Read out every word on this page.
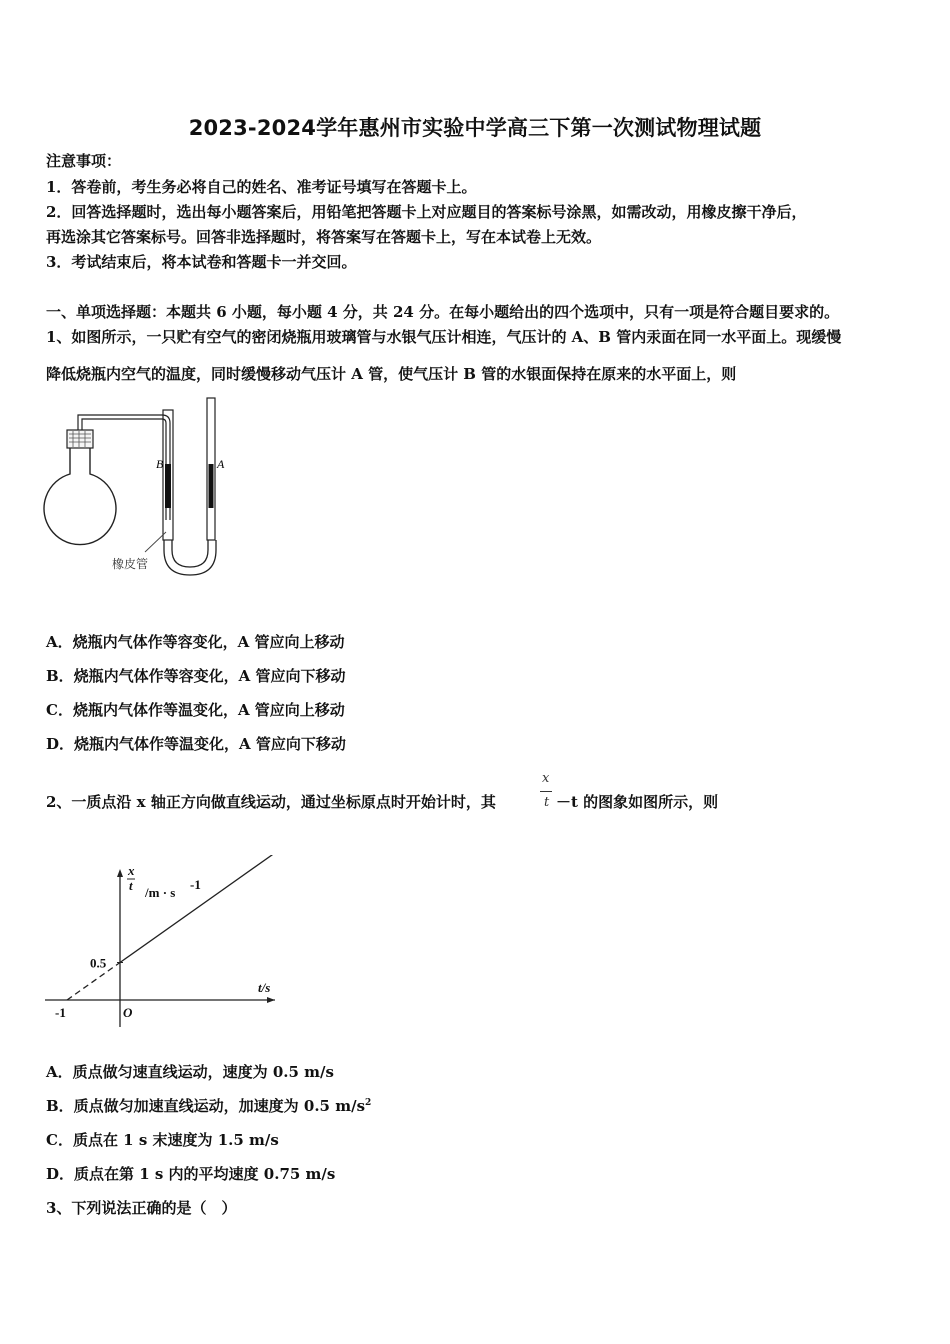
2023-2024学年惠州市实验中学高三下第一次测试物理试题
注意事项：
1．答卷前，考生务必将自己的姓名、准考证号填写在答题卡上。
2．回答选择题时，选出每小题答案后，用铅笔把答题卡上对应题目的答案标号涂黑，如需改动，用橡皮擦干净后，
再选涂其它答案标号。回答非选择题时，将答案写在答题卡上，写在本试卷上无效。
3．考试结束后，将本试卷和答题卡一并交回。
一、单项选择题：本题共 6 小题，每小题 4 分，共 24 分。在每小题给出的四个选项中，只有一项是符合题目要求的。
1、如图所示，一只贮有空气的密闭烧瓶用玻璃管与水银气压计相连，气压计的 A、B 管内汞面在同一水平面上。现缓慢
降低烧瓶内空气的温度，同时缓慢移动气压计 A 管，使气压计 B 管的水银面保持在原来的水平面上，则
B	A
橡皮管
A．烧瓶内气体作等容变化，A 管应向上移动
B．烧瓶内气体作等容变化，A 管应向下移动
C．烧瓶内气体作等温变化，A 管应向上移动
D．烧瓶内气体作等温变化，A 管应向下移动
2、一质点沿 x 轴正方向做直线运动，通过坐标原点时开始计时，其
x
t －t 的图象如图所示，则
0.5
-1	O
t/s
x
t /m · s
-1
A．质点做匀速直线运动，速度为 0.5 m/s
B．质点做匀加速直线运动，加速度为 0.5 $m/s^2$
C．质点在 1 s 末速度为 1.5 m/s
D．质点在第 1 s 内的平均速度 0.75 m/s
3、下列说法正确的是（　）
